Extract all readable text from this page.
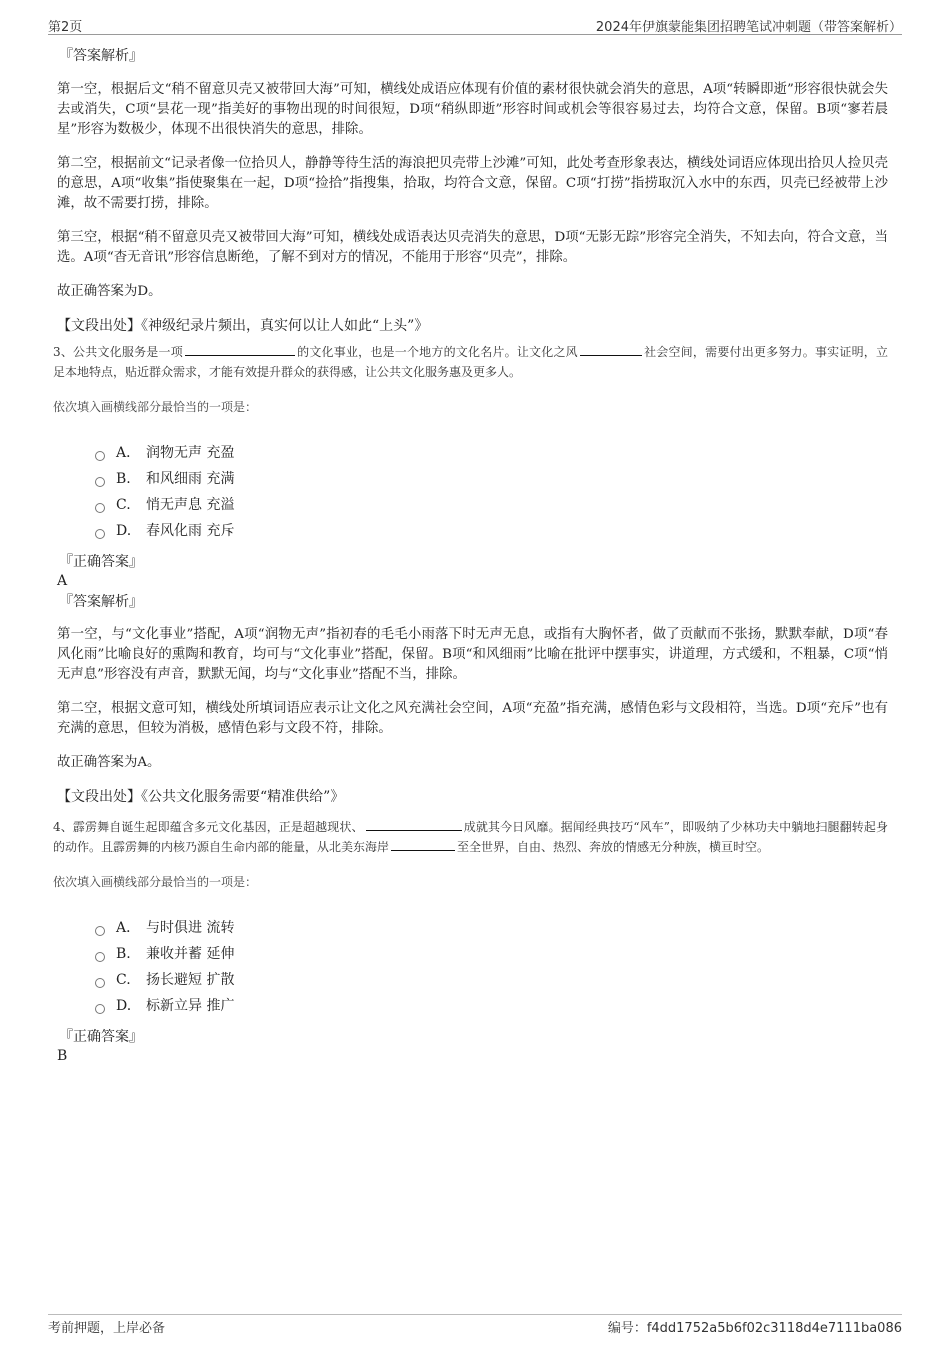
第2页	2024年伊旗蒙能集团招聘笔试冲刺题（带答案解析）
『答案解析』

第一空，根据后文“稍不留意贝壳又被带回大海”可知，横线处成语应体现有价值的素材很快就会消失的意思，A项“转瞬即逝”形容很快就会失去或消失，C项“昙花一现”指美好的事物出现的时间很短，D项“稍纵即逝”形容时间或机会等很容易过去，均符合文意，保留。B项“寥若晨星”形容为数极少，体现不出很快消失的意思，排除。

第二空，根据前文“记录者像一位拾贝人，静静等待生活的海浪把贝壳带上沙滩”可知，此处考查形象表达，横线处词语应体现出拾贝人捡贝壳的意思，A项“收集”指使聚集在一起，D项“捡拾”指搜集，拾取，均符合文意，保留。C项“打捞”指捞取沉入水中的东西，贝壳已经被带上沙滩，故不需要打捞，排除。

第三空，根据“稍不留意贝壳又被带回大海”可知，横线处成语表达贝壳消失的意思，D项“无影无踪”形容完全消失，不知去向，符合文意，当选。A项“杳无音讯”形容信息断绝，了解不到对方的情况，不能用于形容“贝壳”，排除。

故正确答案为D。

【文段出处】《神级纪录片频出，真实何以让人如此“上头”》

3、公共文化服务是一项	的文化事业，也是一个地方的文化名片。让文化之风	社会空间，需要付出更多努力。事实证明，立足本地特点，贴近群众需求，才能有效提升群众的获得感，让公共文化服务惠及更多人。

依次填入画横线部分最恰当的一项是：

A． 润物无声 充盈
B.	和风细雨 充满
C.	悄无声息 充溢
D.	春风化雨 充斥
『正确答案』
A
『答案解析』

第一空，与“文化事业”搭配，A项“润物无声”指初春的毛毛小雨落下时无声无息，或指有大胸怀者，做了贡献而不张扬，默默奉献，D项“春风化雨”比喻良好的熏陶和教育，均可与“文化事业”搭配，保留。B项“和风细雨”比喻在批评中摆事实，讲道理，方式缓和，不粗暴，C项“悄无声息”形容没有声音，默默无闻，均与“文化事业”搭配不当，排除。

第二空，根据文意可知，横线处所填词语应表示让文化之风充满社会空间，A项“充盈”指充满，感情色彩与文段相符，当选。D项“充斥”也有充满的意思，但较为消极，感情色彩与文段不符，排除。

故正确答案为A。

【文段出处】《公共文化服务需要“精准供给”》

4、霹雳舞自诞生起即蕴含多元文化基因，正是超越现状、	成就其今日风靡。据闻经典技巧“风车”，即吸纳了少林功夫中躺地扫腿翻转起身的动作。且霹雳舞的内核乃源自生命内部的能量，从北美东海岸	至全世界，自由、热烈、奔放的情感无分种族，横亘时空。

依次填入画横线部分最恰当的一项是：

A． 与时俱进 流转
B.	兼收并蓄 延伸
C.	扬长避短 扩散
D.	标新立异 推广
『正确答案』
B
考前押题，上岸必备	编号：f4dd1752a5b6f02c3118d4e7111ba086
